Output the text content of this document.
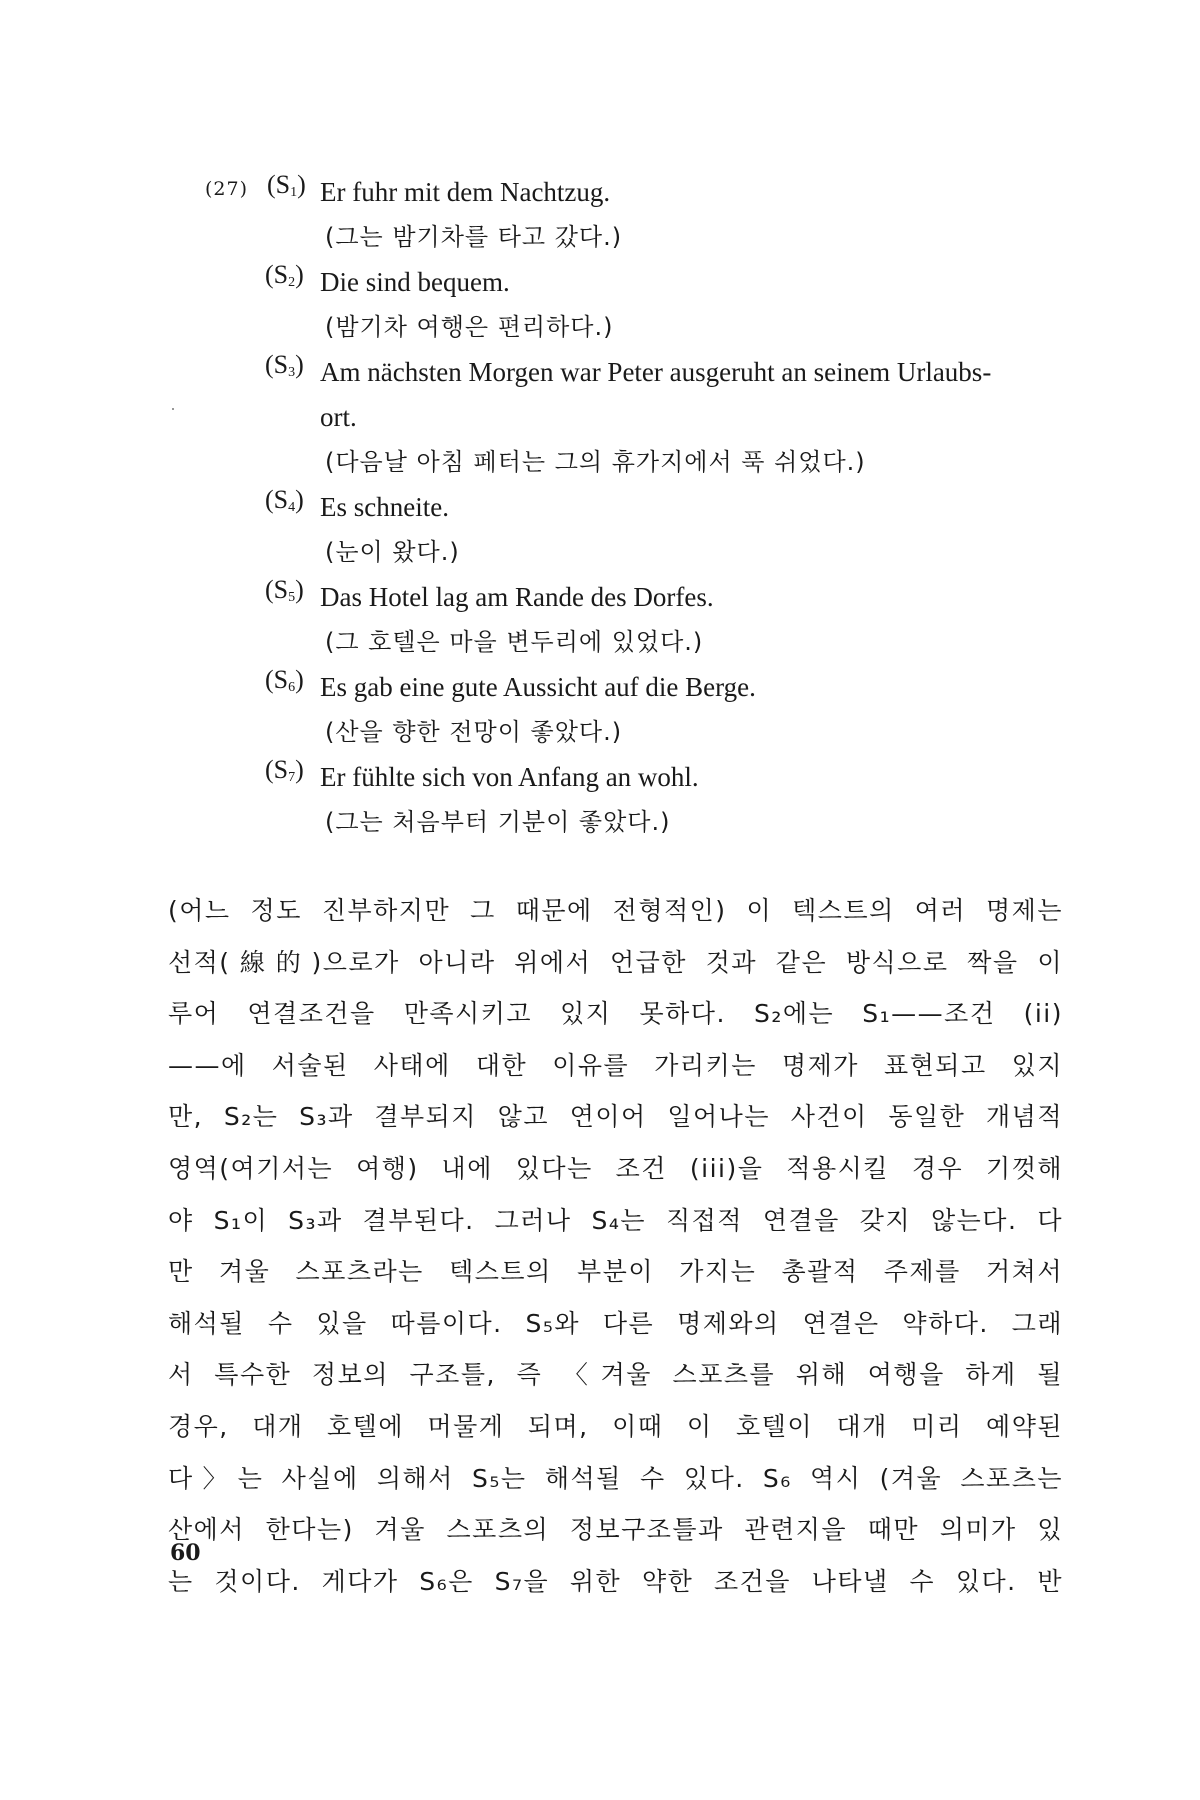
(27) $(S_1)$ Er fuhr mit dem Nachtzug.
(그는 밤기차를 타고 갔다.)
$(S_2)$ Die sind bequem.
(밤기차 여행은 편리하다.)
$(S_3)$ Am nächsten Morgen war Peter ausgeruht an seinem Urlaubs-
ort.
(다음날 아침 페터는 그의 휴가지에서 푹 쉬었다.)
$(S_4)$ Es schneite.
(눈이 왔다.)
$(S_5)$ Das Hotel lag am Rande des Dorfes.
(그 호텔은 마을 변두리에 있었다.)
$(S_6)$ Es gab eine gute Aussicht auf die Berge.
(산을 향한 전망이 좋았다.)
$(S_7)$ Er fühlte sich von Anfang an wohl.
(그는 처음부터 기분이 좋았다.)
(어느 정도 진부하지만 그 때문에 전형적인) 이 텍스트의 여러 명제는
선적(線的)으로가 아니라 위에서 언급한 것과 같은 방식으로 짝을 이
루어 연결조건을 만족시키고 있지 못하다. S₂에는 S₁——조건 (ii)
——에 서술된 사태에 대한 이유를 가리키는 명제가 표현되고 있지
만, S₂는 S₃과 결부되지 않고 연이어 일어나는 사건이 동일한 개념적
영역(여기서는 여행) 내에 있다는 조건 (iii)을 적용시킬 경우 기껏해
야 S₁이 S₃과 결부된다. 그러나 S₄는 직접적 연결을 갖지 않는다. 다
만 겨울 스포츠라는 텍스트의 부분이 가지는 총괄적 주제를 거쳐서
해석될 수 있을 따름이다. S₅와 다른 명제와의 연결은 약하다. 그래
서 특수한 정보의 구조틀, 즉 〈겨울 스포츠를 위해 여행을 하게 될
경우, 대개 호텔에 머물게 되며, 이때 이 호텔이 대개 미리 예약된
다〉는 사실에 의해서 S₅는 해석될 수 있다. S₆ 역시 (겨울 스포츠는
산에서 한다는) 겨울 스포츠의 정보구조틀과 관련지을 때만 의미가 있
는 것이다. 게다가 S₆은 S₇을 위한 약한 조건을 나타낼 수 있다. 반
60
